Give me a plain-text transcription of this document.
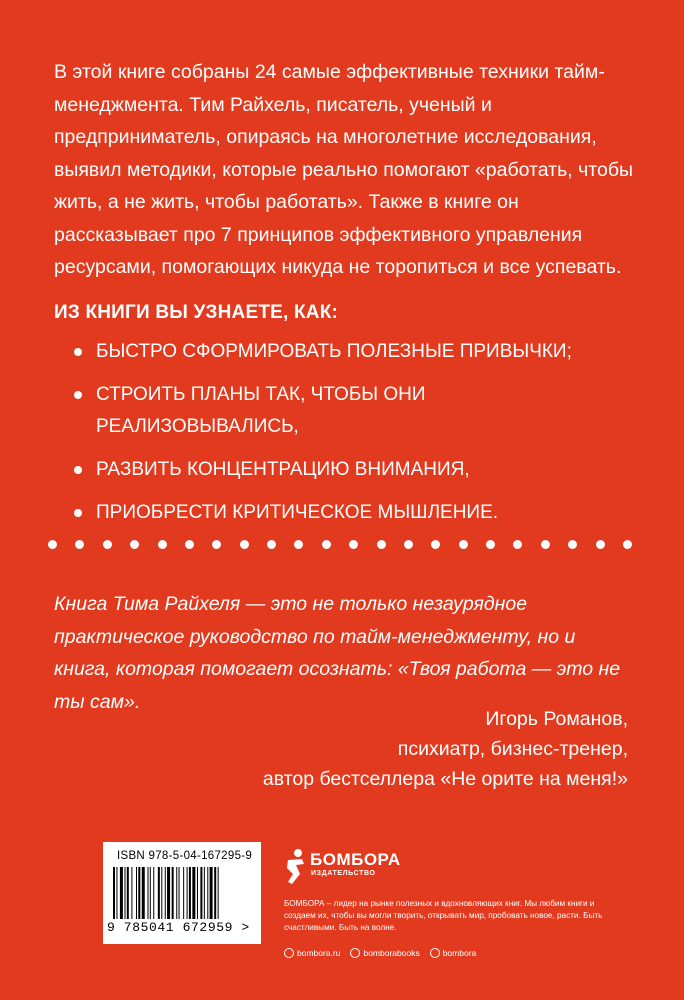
В этой книге собраны 24 самые эффективные техники тайм-менеджмента. Тим Райхель, писатель, ученый и предприниматель, опираясь на многолетние исследования, выявил методики, которые реально помогают «работать, чтобы жить, а не жить, чтобы работать». Также в книге он рассказывает про 7 принципов эффективного управления ресурсами, помогающих никуда не торопиться и все успевать.

ИЗ КНИГИ ВЫ УЗНАЕТЕ, КАК:

БЫСТРО СФОРМИРОВАТЬ ПОЛЕЗНЫЕ ПРИВЫЧКИ;
СТРОИТЬ ПЛАНЫ ТАК, ЧТОБЫ ОНИ РЕАЛИЗОВЫВАЛИСЬ,
РАЗВИТЬ КОНЦЕНТРАЦИЮ ВНИМАНИЯ,
ПРИОБРЕСТИ КРИТИЧЕСКОЕ МЫШЛЕНИЕ.

Книга Тима Райхеля — это не только незаурядное практическое руководство по тайм-менеджменту, но и книга, которая помогает осознать: «Твоя работа — это не ты сам».

Игорь Романов,
психиатр, бизнес-тренер,
автор бестселлера «Не орите на меня!»
ISBN 978-5-04-167295-9
9 785041 672959 >
БОМБОРА
ИЗДАТЕЛЬСТВО

БОМБОРА – лидер на рынке полезных и вдохновляющих книг. Мы любим книги и создаем их, чтобы вы могли творить, открывать мир, пробовать новое, расти. Быть счастливыми. Быть на волне.

bombora.ru	bomborabooks	bombora
